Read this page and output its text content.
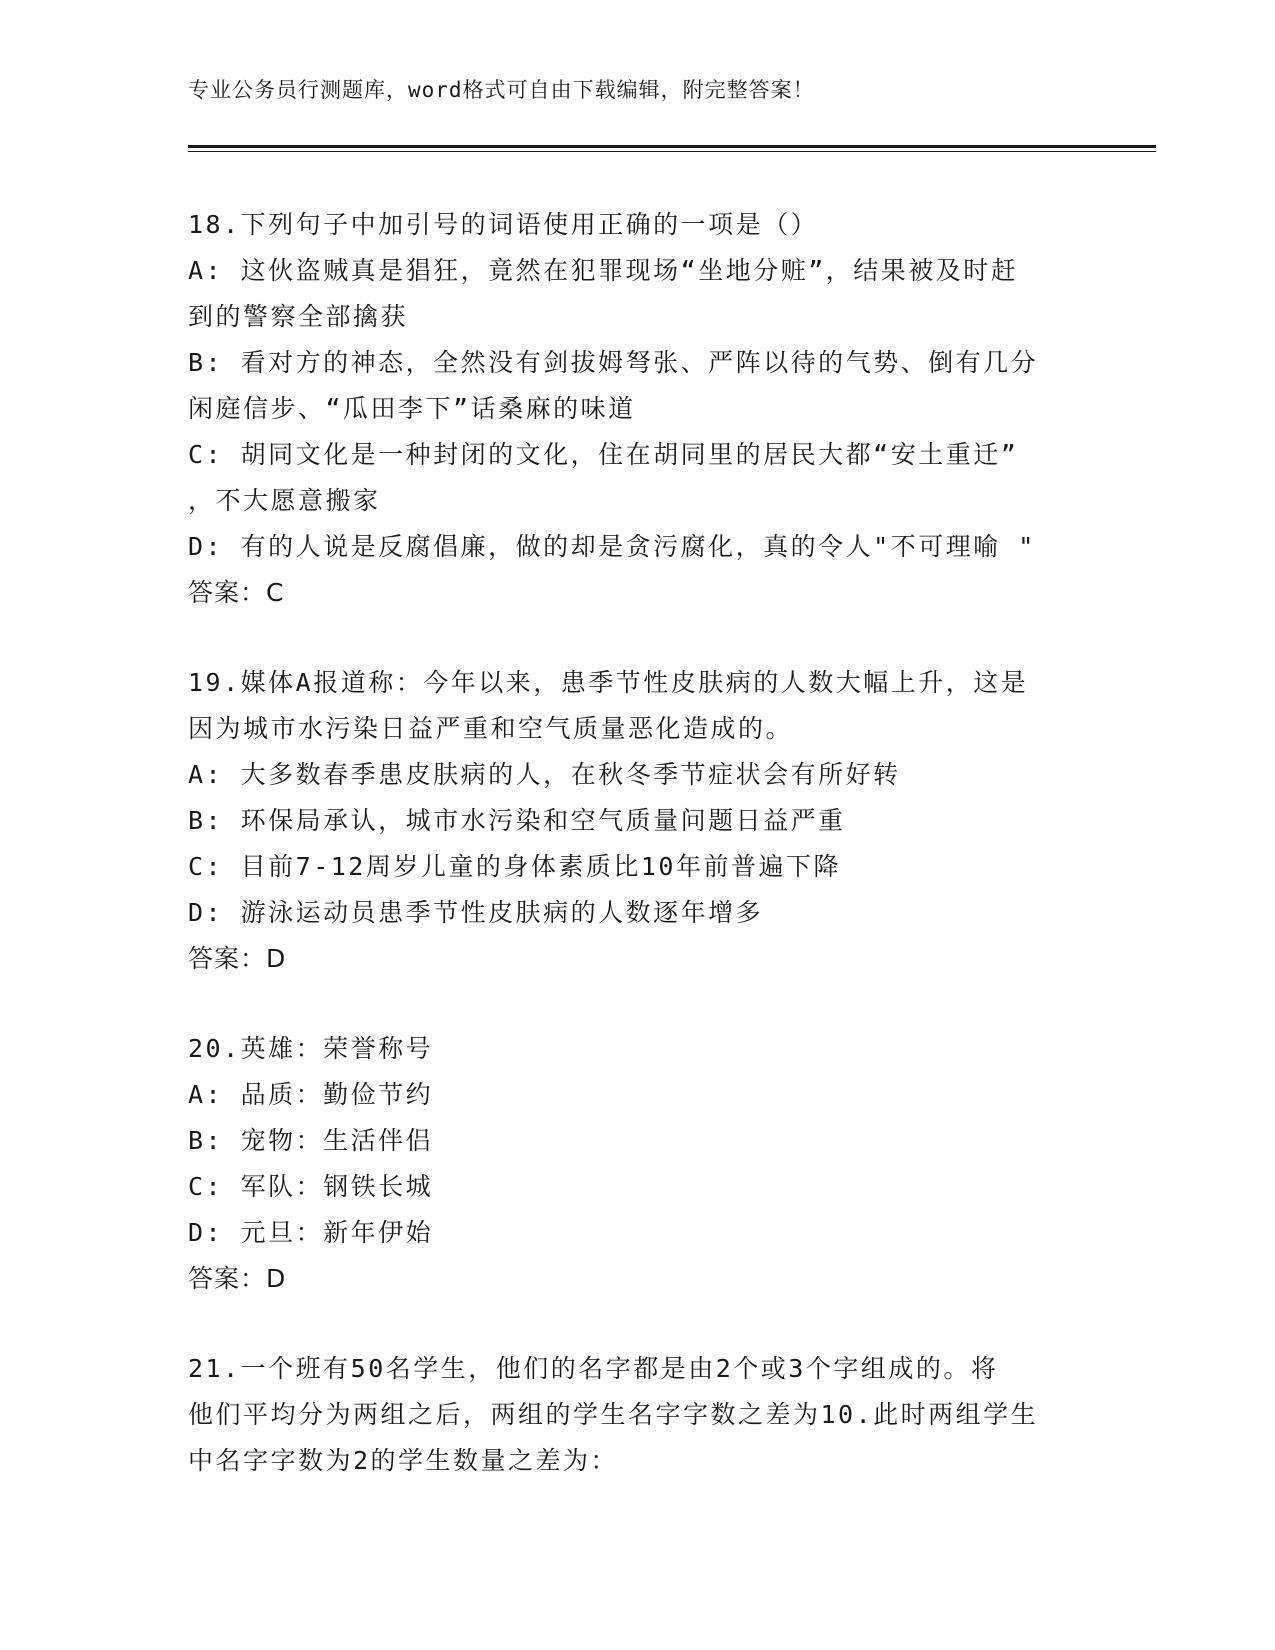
专业公务员行测题库，word格式可自由下载编辑，附完整答案！
18.下列句子中加引号的词语使用正确的一项是（）
A: 这伙盗贼真是猖狂，竟然在犯罪现场“坐地分赃”，结果被及时赶
到的警察全部擒获
B: 看对方的神态，全然没有剑拔姆弩张、严阵以待的气势、倒有几分
闲庭信步、“瓜田李下”话桑麻的味道
C: 胡同文化是一种封闭的文化，住在胡同里的居民大都“安土重迁”
，不大愿意搬家
D: 有的人说是反腐倡廉，做的却是贪污腐化，真的令人"不可理喻 "
答案：C
19.媒体A报道称：今年以来，患季节性皮肤病的人数大幅上升，这是
因为城市水污染日益严重和空气质量恶化造成的。
A: 大多数春季患皮肤病的人，在秋冬季节症状会有所好转
B: 环保局承认，城市水污染和空气质量问题日益严重
C: 目前7-12周岁儿童的身体素质比10年前普遍下降
D: 游泳运动员患季节性皮肤病的人数逐年增多
答案：D
20.英雄：荣誉称号
A: 品质：勤俭节约
B: 宠物：生活伴侣
C: 军队：钢铁长城
D: 元旦：新年伊始
答案：D
21.一个班有50名学生，他们的名字都是由2个或3个字组成的。将
他们平均分为两组之后，两组的学生名字字数之差为10.此时两组学生
中名字字数为2的学生数量之差为：
